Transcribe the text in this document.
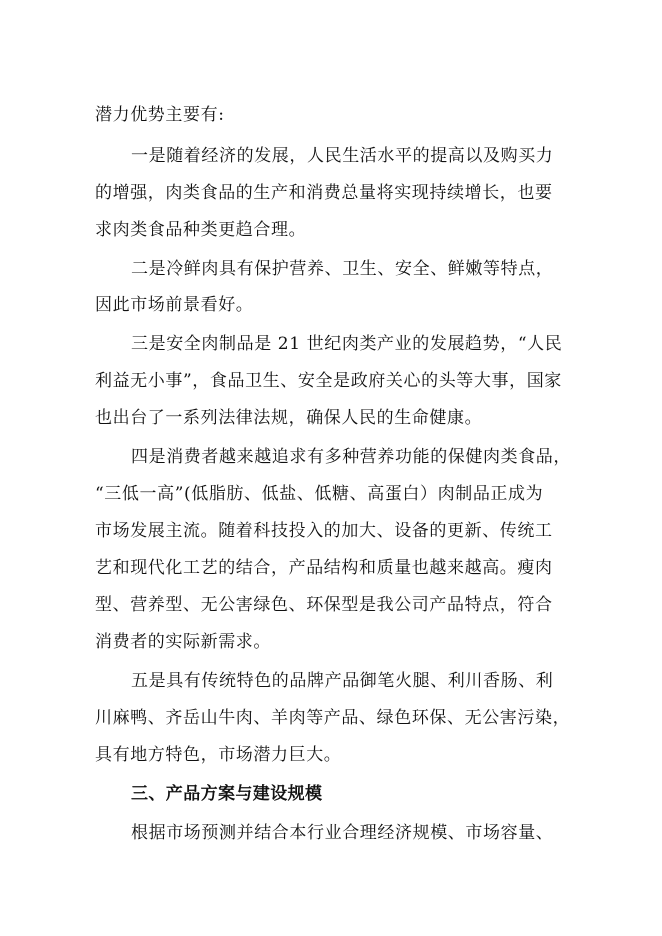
潜力优势主要有:
一是随着经济的发展，人民生活水平的提高以及购买力
的增强，肉类食品的生产和消费总量将实现持续增长，也要
求肉类食品种类更趋合理。
二是冷鲜肉具有保护营养、卫生、安全、鲜嫩等特点，
因此市场前景看好。
三是安全肉制品是 21 世纪肉类产业的发展趋势，“人民
利益无小事”，食品卫生、安全是政府关心的头等大事，国家
也出台了一系列法律法规，确保人民的生命健康。
四是消费者越来越追求有多种营养功能的保健肉类食品，
“三低一高”(低脂肪、低盐、低糖、高蛋白）肉制品正成为
市场发展主流。随着科技投入的加大、设备的更新、传统工
艺和现代化工艺的结合，产品结构和质量也越来越高。瘦肉
型、营养型、无公害绿色、环保型是我公司产品特点，符合
消费者的实际新需求。
五是具有传统特色的品牌产品御笔火腿、利川香肠、利
川麻鸭、齐岳山牛肉、羊肉等产品、绿色环保、无公害污染，
具有地方特色，市场潜力巨大。
三、产品方案与建设规模
根据市场预测并结合本行业合理经济规模、市场容量、
